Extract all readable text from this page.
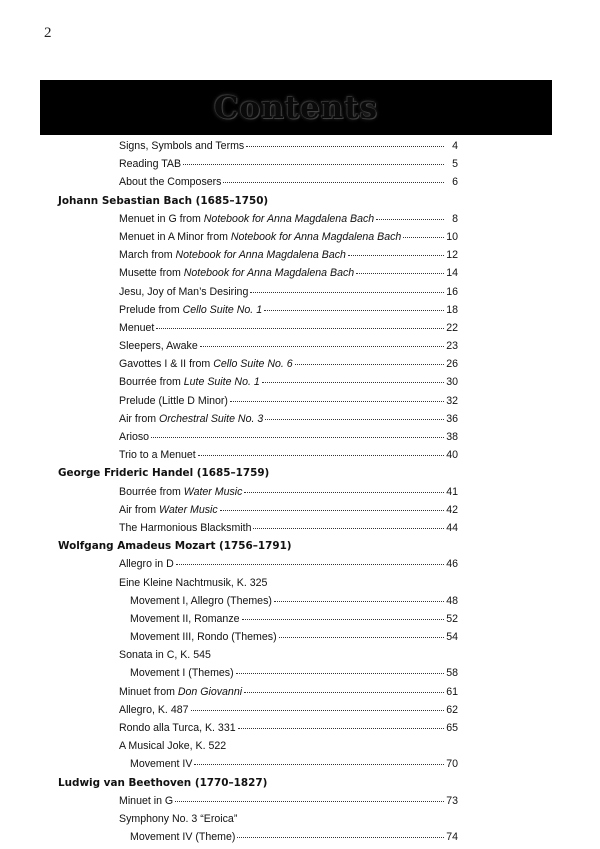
2
Contents
Signs, Symbols and Terms	4
Reading TAB	5
About the Composers	6
Johann Sebastian Bach (1685–1750)
Menuet in G from Notebook for Anna Magdalena Bach	8
Menuet in A Minor from Notebook for Anna Magdalena Bach	10
March from Notebook for Anna Magdalena Bach	12
Musette from Notebook for Anna Magdalena Bach	14
Jesu, Joy of Man’s Desiring	16
Prelude from Cello Suite No. 1	18
Menuet	22
Sleepers, Awake	23
Gavottes I & II from Cello Suite No. 6	26
Bourrée from Lute Suite No. 1	30
Prelude (Little D Minor)	32
Air from Orchestral Suite No. 3	36
Arioso	38
Trio to a Menuet	40
George Frideric Handel (1685–1759)
Bourrée from Water Music	41
Air from Water Music	42
The Harmonious Blacksmith	44
Wolfgang Amadeus Mozart (1756–1791)
Allegro in D	46
Eine Kleine Nachtmusik, K. 325
Movement I, Allegro (Themes)	48
Movement II, Romanze	52
Movement III, Rondo (Themes)	54
Sonata in C, K. 545
Movement I (Themes)	58
Minuet from Don Giovanni	61
Allegro, K. 487	62
Rondo alla Turca, K. 331	65
A Musical Joke, K. 522
Movement IV	70
Ludwig van Beethoven (1770–1827)
Minuet in G	73
Symphony No. 3 “Eroica”
Movement IV (Theme)	74
